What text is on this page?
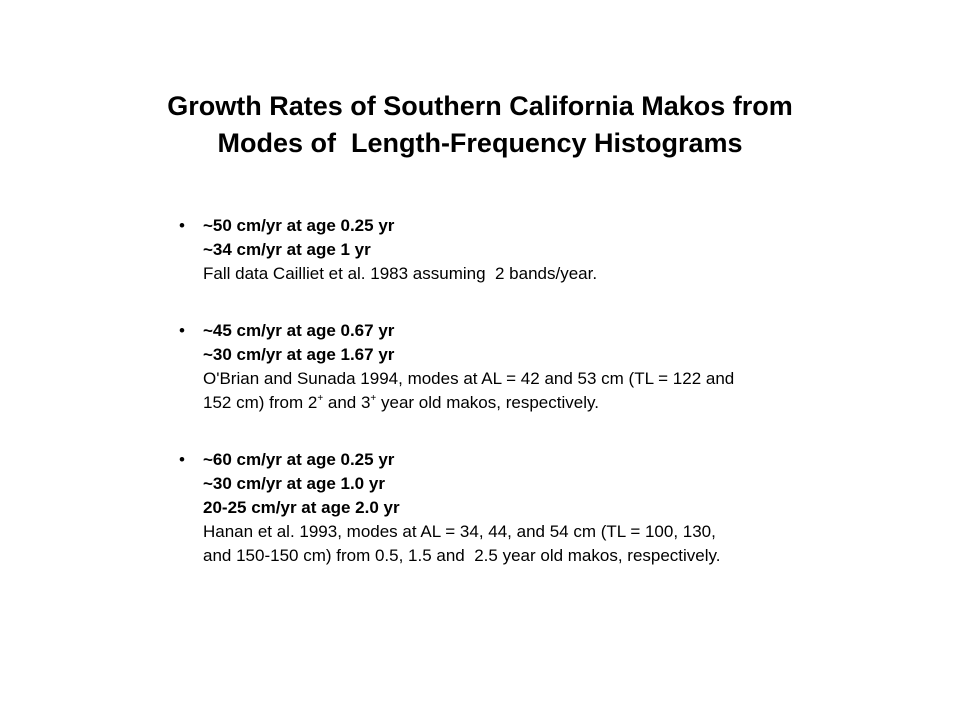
Growth Rates of Southern California Makos from
Modes of  Length-Frequency Histograms
• ~50 cm/yr at age 0.25 yr
~34 cm/yr at age 1 yr
Fall data Cailliet et al. 1983 assuming  2 bands/year.
• ~45 cm/yr at age 0.67 yr
~30 cm/yr at age 1.67 yr
O'Brian and Sunada 1994, modes at AL = 42 and 53 cm (TL = 122 and
152 cm) from 2+ and 3+ year old makos, respectively.
• ~60 cm/yr at age 0.25 yr
~30 cm/yr at age 1.0 yr
20-25 cm/yr at age 2.0 yr
Hanan et al. 1993, modes at AL = 34, 44, and 54 cm (TL = 100, 130,
and 150-150 cm) from 0.5, 1.5 and  2.5 year old makos, respectively.
